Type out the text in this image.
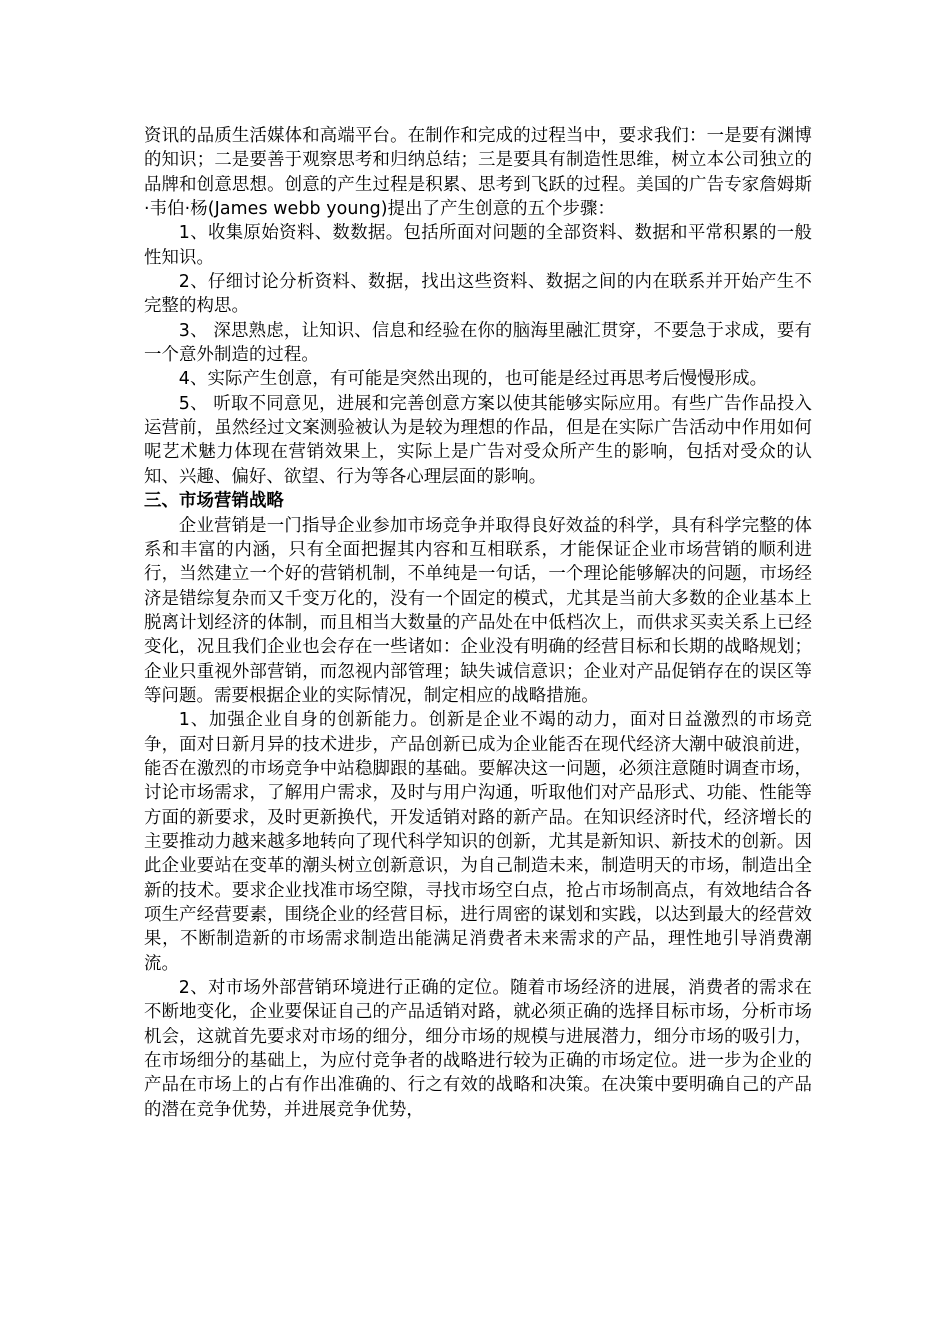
资讯的品质生活媒体和高端平台。在制作和完成的过程当中，要求我们：一是要有渊博的知识；二是要善于观察思考和归纳总结；三是要具有制造性思维，树立本公司独立的品牌和创意思想。创意的产生过程是积累、思考到飞跃的过程。美国的广告专家詹姆斯·韦伯·杨(James webb young)提出了产生创意的五个步骤：

1、收集原始资料、数数据。包括所面对问题的全部资料、数据和平常积累的一般性知识。

2、仔细讨论分析资料、数据，找出这些资料、数据之间的内在联系并开始产生不完整的构思。

3、 深思熟虑，让知识、信息和经验在你的脑海里融汇贯穿，不要急于求成，要有一个意外制造的过程。

4、实际产生创意，有可能是突然出现的，也可能是经过再思考后慢慢形成。

5、 听取不同意见，进展和完善创意方案以使其能够实际应用。有些广告作品投入运营前，虽然经过文案测验被认为是较为理想的作品，但是在实际广告活动中作用如何呢艺术魅力体现在营销效果上，实际上是广告对受众所产生的影响，包括对受众的认知、兴趣、偏好、欲望、行为等各心理层面的影响。

三、市场营销战略

企业营销是一门指导企业参加市场竞争并取得良好效益的科学，具有科学完整的体系和丰富的内涵，只有全面把握其内容和互相联系，才能保证企业市场营销的顺利进行，当然建立一个好的营销机制，不单纯是一句话，一个理论能够解决的问题，市场经济是错综复杂而又千变万化的，没有一个固定的模式，尤其是当前大多数的企业基本上脱离计划经济的体制，而且相当大数量的产品处在中低档次上，而供求买卖关系上已经变化，况且我们企业也会存在一些诸如：企业没有明确的经营目标和长期的战略规划；企业只重视外部营销，而忽视内部管理；缺失诚信意识；企业对产品促销存在的误区等等问题。需要根据企业的实际情况，制定相应的战略措施。

1、加强企业自身的创新能力。创新是企业不竭的动力，面对日益激烈的市场竞争，面对日新月异的技术进步，产品创新已成为企业能否在现代经济大潮中破浪前进，能否在激烈的市场竞争中站稳脚跟的基础。要解决这一问题，必须注意随时调查市场，讨论市场需求，了解用户需求，及时与用户沟通，听取他们对产品形式、功能、性能等方面的新要求，及时更新换代，开发适销对路的新产品。在知识经济时代，经济增长的主要推动力越来越多地转向了现代科学知识的创新，尤其是新知识、新技术的创新。因此企业要站在变革的潮头树立创新意识，为自己制造未来，制造明天的市场，制造出全新的技术。要求企业找准市场空隙，寻找市场空白点，抢占市场制高点，有效地结合各项生产经营要素，围绕企业的经营目标，进行周密的谋划和实践，以达到最大的经营效果，不断制造新的市场需求制造出能满足消费者未来需求的产品，理性地引导消费潮流。

2、对市场外部营销环境进行正确的定位。随着市场经济的进展，消费者的需求在不断地变化，企业要保证自己的产品适销对路，就必须正确的选择目标市场，分析市场机会，这就首先要求对市场的细分，细分市场的规模与进展潜力，细分市场的吸引力，在市场细分的基础上，为应付竞争者的战略进行较为正确的市场定位。进一步为企业的产品在市场上的占有作出准确的、行之有效的战略和决策。在决策中要明确自己的产品的潜在竞争优势，并进展竞争优势，
